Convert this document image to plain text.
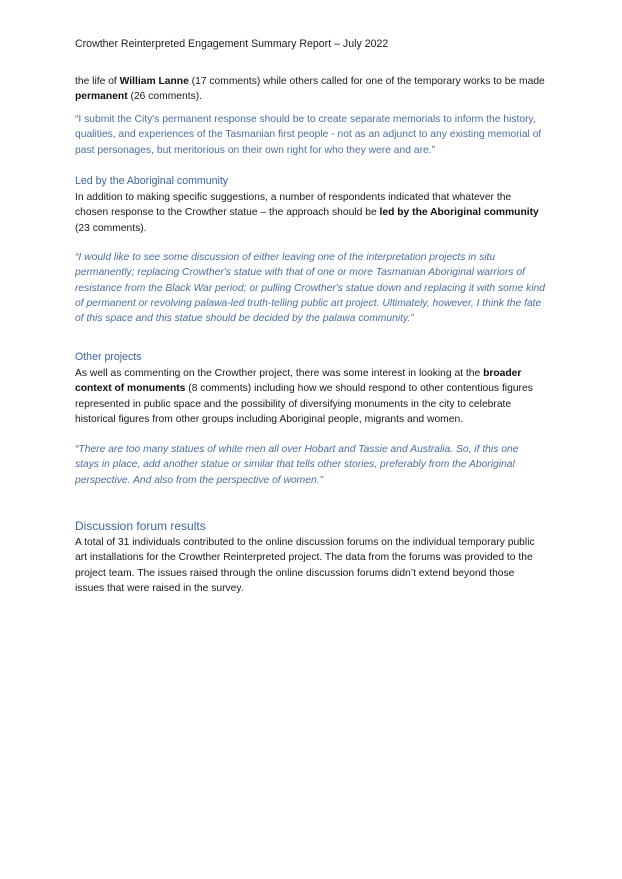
Crowther Reinterpreted Engagement Summary Report – July 2022
the life of William Lanne (17 comments) while others called for one of the temporary works to be made permanent (26 comments).
“I submit the City's permanent response should be to create separate memorials to inform the history, qualities, and experiences of the Tasmanian first people - not as an adjunct to any existing memorial of past personages, but meritorious on their own right for who they were and are.”
Led by the Aboriginal community
In addition to making specific suggestions, a number of respondents indicated that whatever the chosen response to the Crowther statue – the approach should be led by the Aboriginal community (23 comments).
“I would like to see some discussion of either leaving one of the interpretation projects in situ permanently; replacing Crowther's statue with that of one or more Tasmanian Aboriginal warriors of resistance from the Black War period; or pulling Crowther's statue down and replacing it with some kind of permanent or revolving palawa-led truth-telling public art project. Ultimately, however, I think the fate of this space and this statue should be decided by the palawa community.”
Other projects
As well as commenting on the Crowther project, there was some interest in looking at the broader context of monuments (8 comments) including how we should respond to other contentious figures represented in public space and the possibility of diversifying monuments in the city to celebrate historical figures from other groups including Aboriginal people, migrants and women.
“There are too many statues of white men all over Hobart and Tassie and Australia. So, if this one stays in place, add another statue or similar that tells other stories, preferably from the Aboriginal perspective. And also from the perspective of women.”
Discussion forum results
A total of 31 individuals contributed to the online discussion forums on the individual temporary public art installations for the Crowther Reinterpreted project. The data from the forums was provided to the project team. The issues raised through the online discussion forums didn’t extend beyond those issues that were raised in the survey.
